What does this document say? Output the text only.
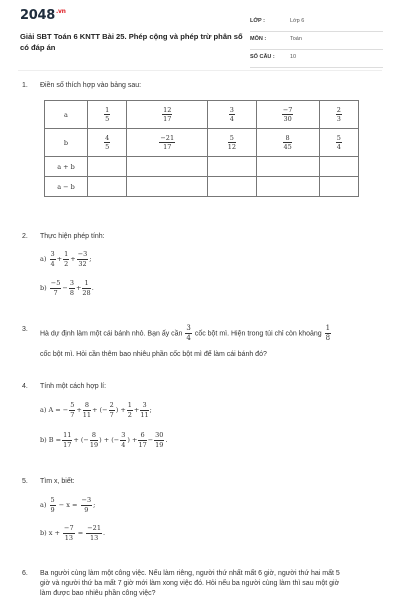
$2048^{.vn}$
Giải SBT Toán 6 KNTT Bài 25. Phép cộng và phép trừ phân số có đáp án
LỚP :	Lớp 6
MÔN :	Toán
SỐ CÂU :	10
1. Điền số thích hợp vào bảng sau:
a	$\frac{1}{5}$	$\frac{12}{17}$	$\frac{3}{4}$	$\frac{-7}{30}$	$\frac{2}{3}$

b	$\frac{4}{5}$	$\frac{-21}{17}$	$\frac{5}{12}$	$\frac{8}{45}$	$\frac{5}{4}$

a + b					
a − b					
2. Thực hiện phép tính:
$a) \frac{3}{4} + \frac{1}{2} + \frac{-3}{32}$ ;
$b) \frac{-5}{7} - \frac{3}{8} + \frac{1}{28}$ .
3.
Hà dự định làm một cái bánh nhỏ. Bạn ấy cần $\frac{3}{4}$ cốc bột mì. Hiện trong túi chỉ còn khoảng $\frac{1}{8}$
cốc bột mì. Hỏi cần thêm bao nhiêu phần cốc bột mì để làm cái bánh đó?
4. Tính một cách hợp lí:
a) A = − $\frac{5}{7} + \frac{8}{11}$ + (− $\frac{2}{7}$ ) + $\frac{1}{2} + \frac{3}{11}$ ;
b) $B = \frac{11}{17}$ + (− $\frac{8}{19}$ ) + (− $\frac{3}{4}$ ) + $\frac{6}{17} - \frac{30}{19}$ .
5. Tìm x, biết:
$a) \frac{5}{9} - x = \frac{-3}{9}$ ;
b) $x + \frac{-7}{13} = \frac{-21}{13}$ .
6. Ba người cùng làm một công việc. Nếu làm riêng, người thứ nhất mất 6 giờ, người thứ hai mất 5
giờ và người thứ ba mất 7 giờ mới làm xong việc đó. Hỏi nếu ba người cùng làm thì sau một giờ
làm được bao nhiêu phần công việc?
